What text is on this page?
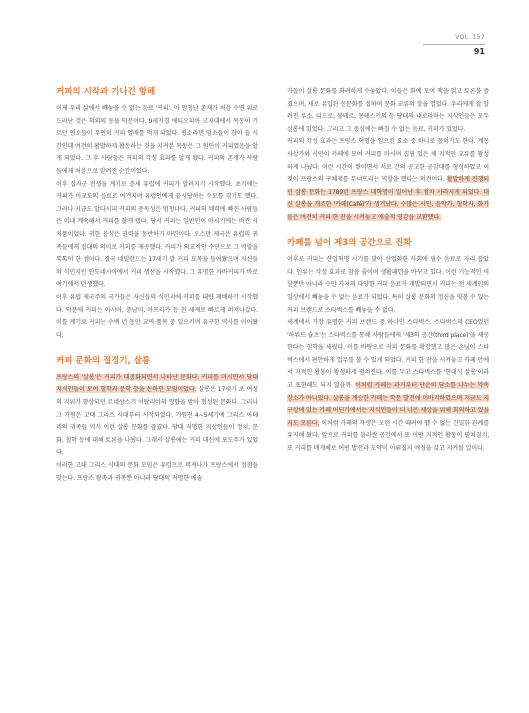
VOL. 157
91
커피의 시작과 기나긴 항해

이제 우리 삶에서 빼놓을 수 없는 음료 '커피'. 이 엄청난 존재가 처음 수면 위로 드러난 것은 의외의 동물 덕분이다. 9세기경 에티오피아 고지대에서 목동이 기르던 염소들이 우연히 커피 열매를 먹게 되었다. 평소라면 염소들이 잠이 들 시간인데 여전히 활발하게 활동하는 것을 지켜본 목동은 그 원인이 커피였음을 알게 되었다. 그 후 사람들은 커피의 각성 효과를 알게 됐다. 커피의 존재가 사람들에게 처음으로 알려진 순간이었다.

이후 십자군 전쟁을 계기로 중세 유럽에 커피가 알려지기 시작했다. 초기에는 커피가 이교도의 음료로 여겨지며 유럽인에게 끝시당하는 수모를 겪기도 했다. 그러나 지금도 알다시피 커피의 중독성은 엄청나다. 커피의 매력에 빠진 사람들은 이내 계속해서 커피를 찾게 됐다. 당시 커피는 일반인이 마시기에는 비싼 사치품이었다. 귀한 음식은 권력을 동반하기 마련이다. 오스만 제국은 유럽의 귀족들에게 접대의 의미로 커피를 제공했다. 커피가 외교적인 수단으로 그 역할을 톡톡히 한 셈이다. 결국 네덜란드는 17세기 말 커피 묘목을 들여왔으며 자신들의 식민지인 인도네시아에서 커피 생산을 시작했다. 그 유명한 자바커피가 바로 여기에서 탄생했다.

이후 유럽 제국주의 국가들은 자신들의 식민지에 커피를 대량 재배하기 시작했다. 덕분에 커피는 아시아, 중남미, 아프리카 등 전 세계로 빠르게 퍼져나갔다. 이를 계기로 커피는 수백 년 동안 교역 품목 중 일으키며 유구한 역사를 이어왔다.

커피 문화의 절정기, 살롱

프랑스의 '살롱'은 커피가 대중화되면서 나타난 문화다. 커피를 마시면서 당대 지식인들이 모여 철학과 문학 등을 논하던 모임이었다. 살롱은 17세기 초 여성의 지위가 향상되던 르네상스기 이탈리아의 영향을 받아 형성된 문화다. 그러나 그 기원은 고대 그리스 시대부터 시작되었다. 기원전 4~5세기에 그리스 아테네의 귀족들 역시 이런 살롱 문화를 즐겼다. 당대 저명한 지성인들이 정치, 문화, 철학 등에 대해 토론을 나눴다. 그래서 살롱에는 커피 대신에 포도주가 있었다.

이러한 고대 그리스 시대의 문화 모임은 유럽으로 퍼져나가 프랑스에서 정점을 맞는다. 프랑스 왕족과 귀족뿐 아니라 당대의 저명한 예술

가들이 살롱 문화를 화려하게 수놓았다. 이들은 화예 모여 책을 읽고 토론을 즐겼으며, 새로 유입된 신문화를 접하며 문화 교류의 장을 열었다. 우리에게 잘 알려진 루소, 디드로, 볼테르, 몽테스키외 등 당대의 내로라하는 지식인들은 모두 살롱에 있었다. 그리고 그 중심에는 빠질 수 없는 음료, 커피가 있었다.

커피의 각성 효과는 프랑스 혁명을 일으킨 요소 중 하나로 꼽히기도 한다. 계몽사상가와 시민이 카페에 모여 커피를 마시며 집필 있은 채 지적인 교류를 왕성하게 나눴다. 이런 시간이 쌓이면서 서로 간의 공고한 공감대를 형성하였고 이것이 프랑스의 구체제를 무너뜨리는 역할을 했다는 의견이다. 활발하게 진행되던 살롱 문화는 1789년 프랑스 대혁명이 일어난 후 점차 사라지게 되었다. 대신 살롱을 개조한 '카페(Café)'가 생겨났다. 수많은 시인, 음악가, 철학자, 화가들은 여전히 커피 한 잔을 시켜놓고 예술적 영감을 교환했다.

카페를 넘어 제3의 공간으로 진화

이후로 커피는 산업혁명 시기를 맞아 산업화한 사회에 필수 음료로 자리 잡았다. 인류는 각성 효과로 잠을 줄이며 생활패턴을 바꾸고 있다. 이런 기능적인 역할뿐만 아니라 수만 가지의 다양한 커피 음료가 개발되면서 커피는 전 세계인의 일상에서 빼놓을 수 없는 음료가 되었다. 특히 살롱 문화의 정신을 엿볼 수 있는 커피 브랜드로 스타벅스를 빼놓을 수 없다.

세계에서 가장 유명한 커피 브랜드 중 하나인 스타벅스. 스타벅스의 CEO였던 '하워드 슐츠'는 스타벅스를 통해 사람들에게 '제3의 공간(third place)'을 제공한다는 철학을 세웠다. 이를 바탕으로 커피 문화를 확장했고 많은 손님이 스타벅스에서 편안하게 업무를 볼 수 있게 되었다. 커피 한 잔을 시켜놓고 카페 안에서 지적인 활동이 왕성하게 펼쳐진다. 이를 두고 스타벅스를 '현대식 살롱'이라고 표현해도 되지 않을까. 이처럼 카페는 과거부터 단순히 담소를 나누는 약속 장소가 아니었다. 살롱을 계승한 카페는 학문 발전에 이바지하였으며 지금도 지구상에 있는 카페 어딘가에서는 지식인들이 더 나은 세상을 위해 회의하고 있을지도 모른다. 이처럼 카페의 자생은 오랜 시간 때려야 뗄 수 없는 긴밀한 관계를 유지해 왔다. 앞으로 커피를 둘러싼 공간에서 또 어떤 지적인 활동이 펼쳐질지, 또 커피를 매개체로 어떤 발전과 도약이 이뤄질지 애정을 갖고 지켜볼 일이다.
